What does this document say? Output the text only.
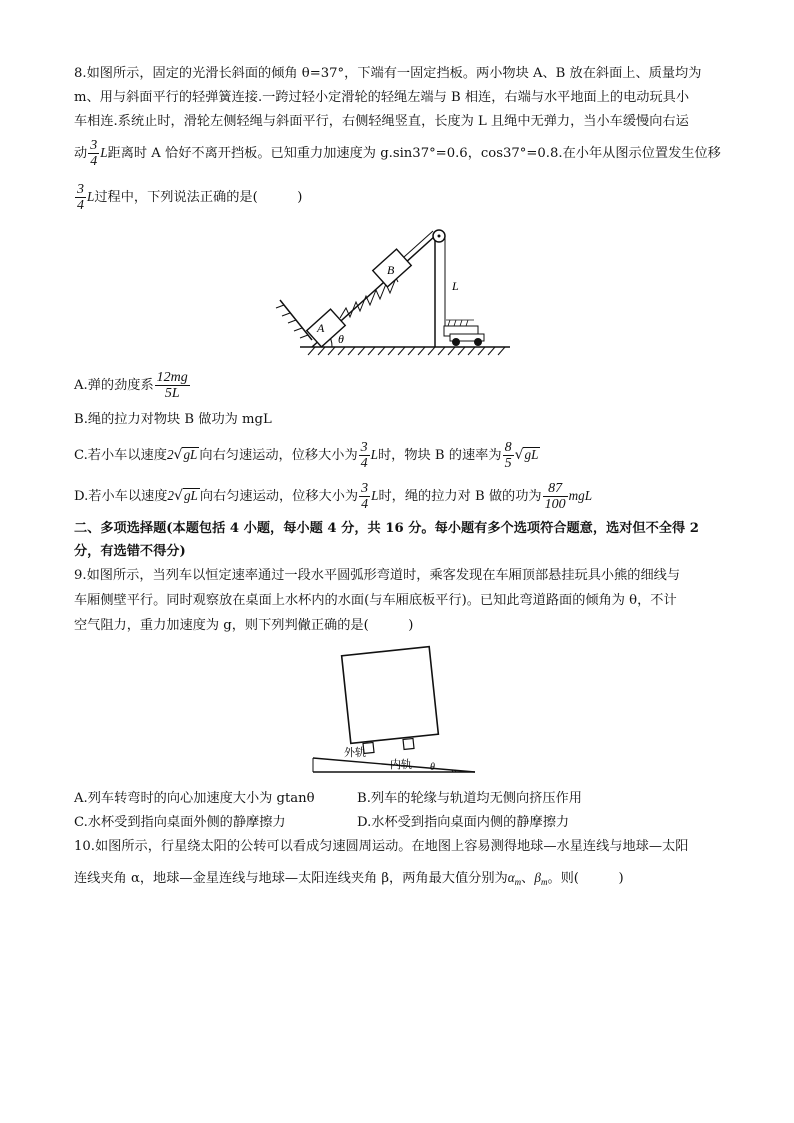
8.如图所示，固定的光滑长斜面的倾角 θ=37°，下端有一固定挡板。两小物块 A、B 放在斜面上、质量均为
m、用与斜面平行的轻弹簧连接.一跨过轻小定滑轮的轻绳左端与 B 相连，右端与水平地面上的电动玩具小
车相连.系统止时，滑轮左侧轻绳与斜面平行，右侧轻绳竖直，长度为 L 且绳中无弹力，当小车缓慢向右运
动 $\frac{3}{4}$ L距离时 A 恰好不离开挡板。已知重力加速度为 g.sin37°=0.6，cos37°=0.8.在小年从图示位置发生位移
$\frac{3}{4}$ L过程中，下列说法正确的是(　　　)
A
B
θ
L
A.弹的劲度系 $\frac{12mg}{5L}$
B.绳的拉力对物块 B 做功为 mgL
C.若小车以速度2√gL 向右匀速运动，位移大小为 $\frac{3}{4}$ L时，物块 B 的速率为 $\frac{8}{5} √gL$
D.若小车以速度2√gL 向右匀速运动，位移大小为 $\frac{3}{4}$ L时，绳的拉力对 B 做的功为 $\frac{87}{100}$ mgL
二、多项选择题(本题包括 4 小题，每小题 4 分，共 16 分。每小题有多个选项符合题意，选对但不全得 2
分，有选错不得分)
9.如图所示，当列车以恒定速率通过一段水平圆弧形弯道时，乘客发现在车厢顶部悬挂玩具小熊的细线与
车厢侧壁平行。同时观察放在桌面上水杯内的水面(与车厢底板平行)。已知此弯道路面的倾角为 θ，不计
空气阻力，重力加速度为 g，则下列判僘正确的是(　　　)
外轨
内轨 θ
A.列车转弯时的向心加速度大小为 gtanθ	B.列车的轮缘与轨道均无侧向挤压作用
C.水杯受到指向桌面外侧的静摩擦力	D.水杯受到指向桌面内侧的静摩擦力
10.如图所示，行星绕太阳的公转可以看成匀速圆周运动。在地图上容易测得地球—水星连线与地球—太阳
连线夹角 α，地球—金星连线与地球—太阳连线夹角 β，两角最大值分别为$\alpha_m$、$\beta_m$。则(　　　)
